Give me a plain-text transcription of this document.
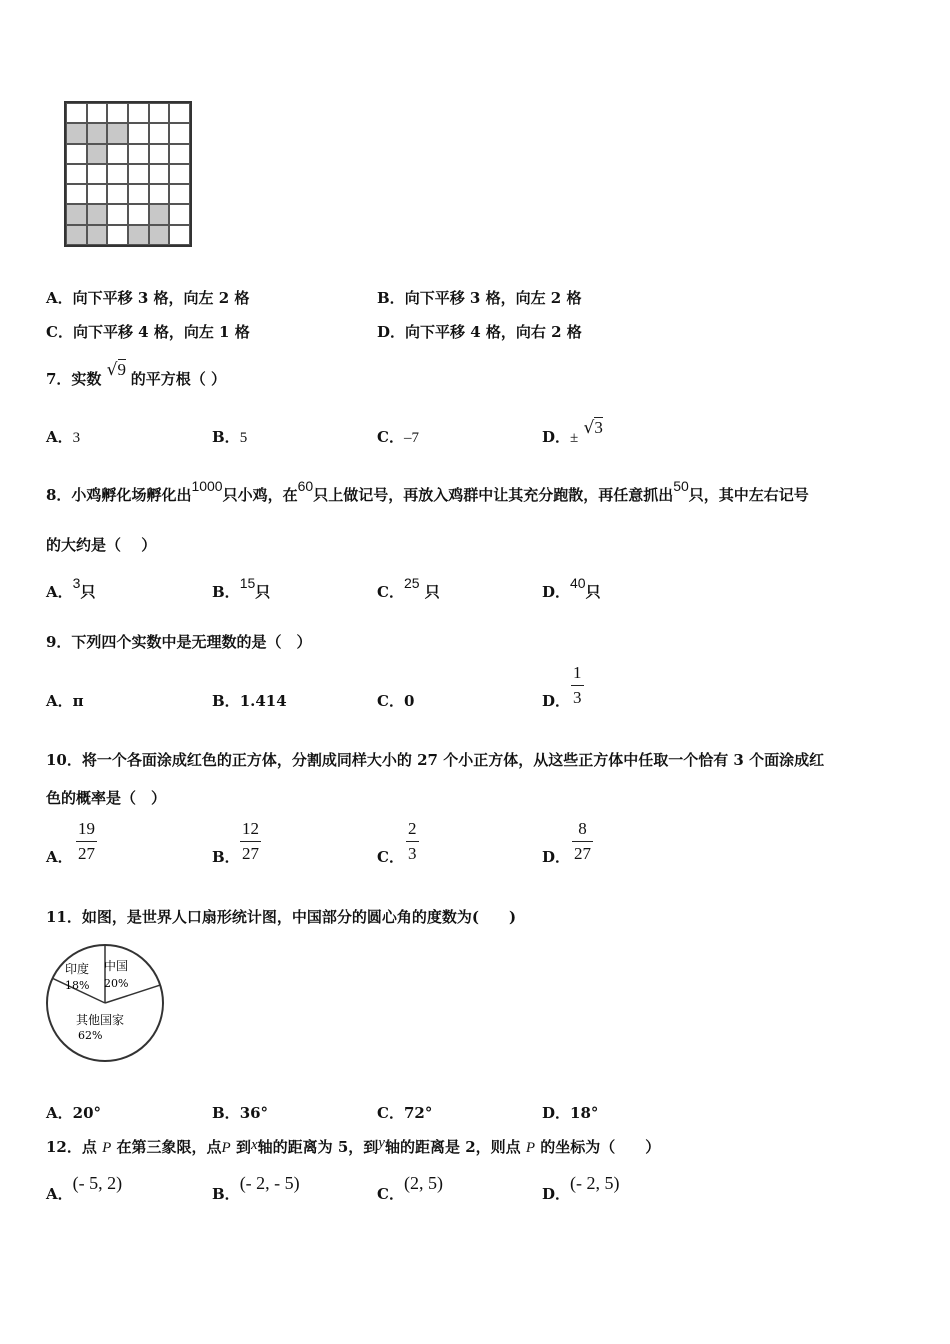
A．向下平移 3 格，向左 2 格	B．向下平移 3 格，向左 2 格
C．向下平移 4 格，向左 1 格	D．向下平移 4 格，向右 2 格
7．实数 √9 的平方根（ ）
A．3	B．5	C．–7	D．± √3
8．小鸡孵化场孵化出1000只小鸡，在60只上做记号，再放入鸡群中让其充分跑散，再任意抓出50只，其中左右记号
的大约是（　 ）
A．3只	B．15只	C．25 只	D．40只
9．下列四个实数中是无理数的是（　）
A．π	B．1.414	C．0	D．
1
3
10．将一个各面涂成红色的正方体，分割成同样大小的 27 个小正方体，从这些正方体中任取一个恰有 3 个面涂成红
色的概率是（　）
A．
19
27	B．
12
27	C．
2
3	D．
8
27
11．如图，是世界人口扇形统计图，中国部分的圆心角的度数为(　　)
印度
18%
中国
20%
其他国家
62%
A．20°	B．36°	C．72°	D．18°
12．点 P 在第三象限，点P 到x轴的距离为 5，到y轴的距离是 2，则点 P 的坐标为（　　）
A．(- 5, 2)
B．(- 2, - 5)
C．(2, 5)
D．(- 2, 5)
